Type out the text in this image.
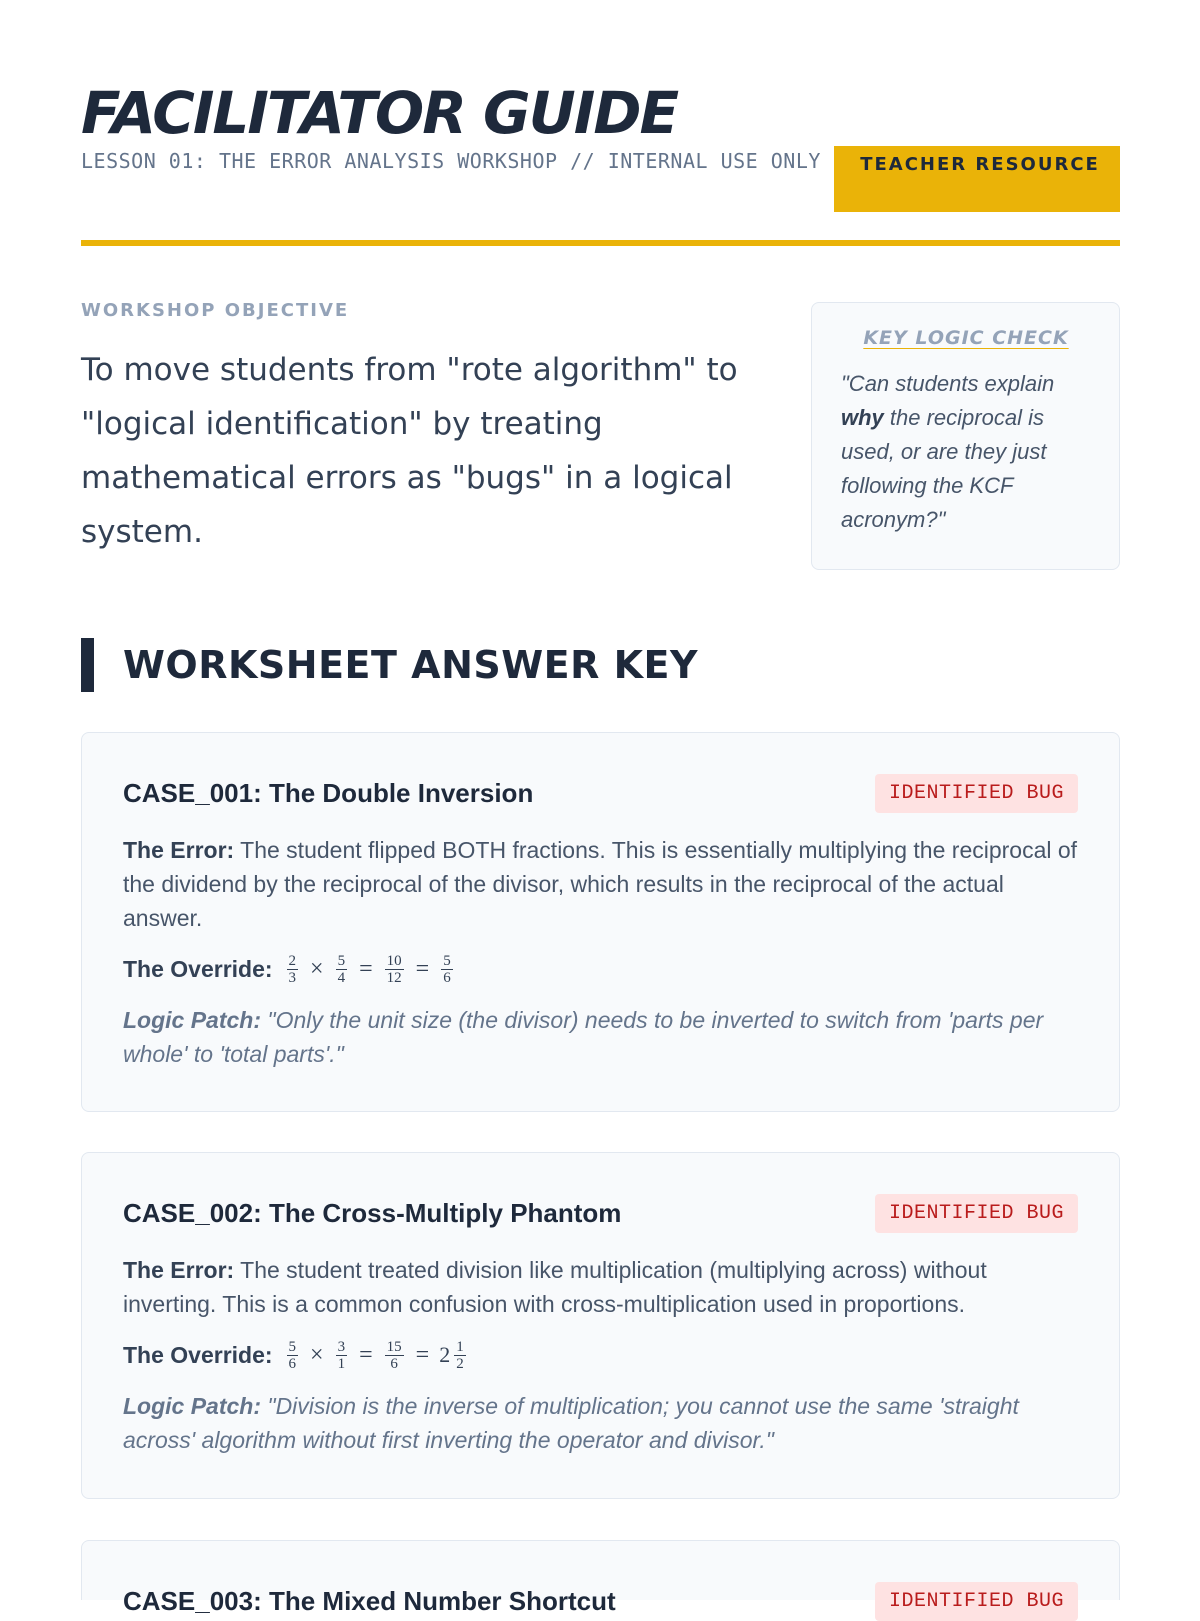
FACILITATOR GUIDE
LESSON 01: THE ERROR ANALYSIS WORKSHOP // INTERNAL USE ONLY	TEACHER RESOURCE

WORKSHOP OBJECTIVE

To move students from "rote algorithm" to "logical identification" by treating mathematical errors as "bugs" in a logical system.

KEY LOGIC CHECK
"Can students explain why the reciprocal is used, or are they just following the KCF acronym?"
WORKSHEET ANSWER KEY
CASE_001: The Double Inversion	IDENTIFIED BUG
The Error: The student flipped BOTH fractions. This is essentially multiplying the reciprocal of the dividend by the reciprocal of the divisor, which results in the reciprocal of the actual answer.
The Override: $\frac{2}{3} \times \frac{5}{4} = \frac{10}{12} = \frac{5}{6}$
Logic Patch: "Only the unit size (the divisor) needs to be inverted to switch from 'parts per whole' to 'total parts'."
CASE_002: The Cross-Multiply Phantom	IDENTIFIED BUG
The Error: The student treated division like multiplication (multiplying across) without inverting. This is a common confusion with cross-multiplication used in proportions.
The Override: $\frac{5}{6} \times \frac{3}{1} = \frac{15}{6} = 2 \frac{1}{2}$
Logic Patch: "Division is the inverse of multiplication; you cannot use the same 'straight across' algorithm without first inverting the operator and divisor."
CASE_003: The Mixed Number Shortcut	IDENTIFIED BUG
